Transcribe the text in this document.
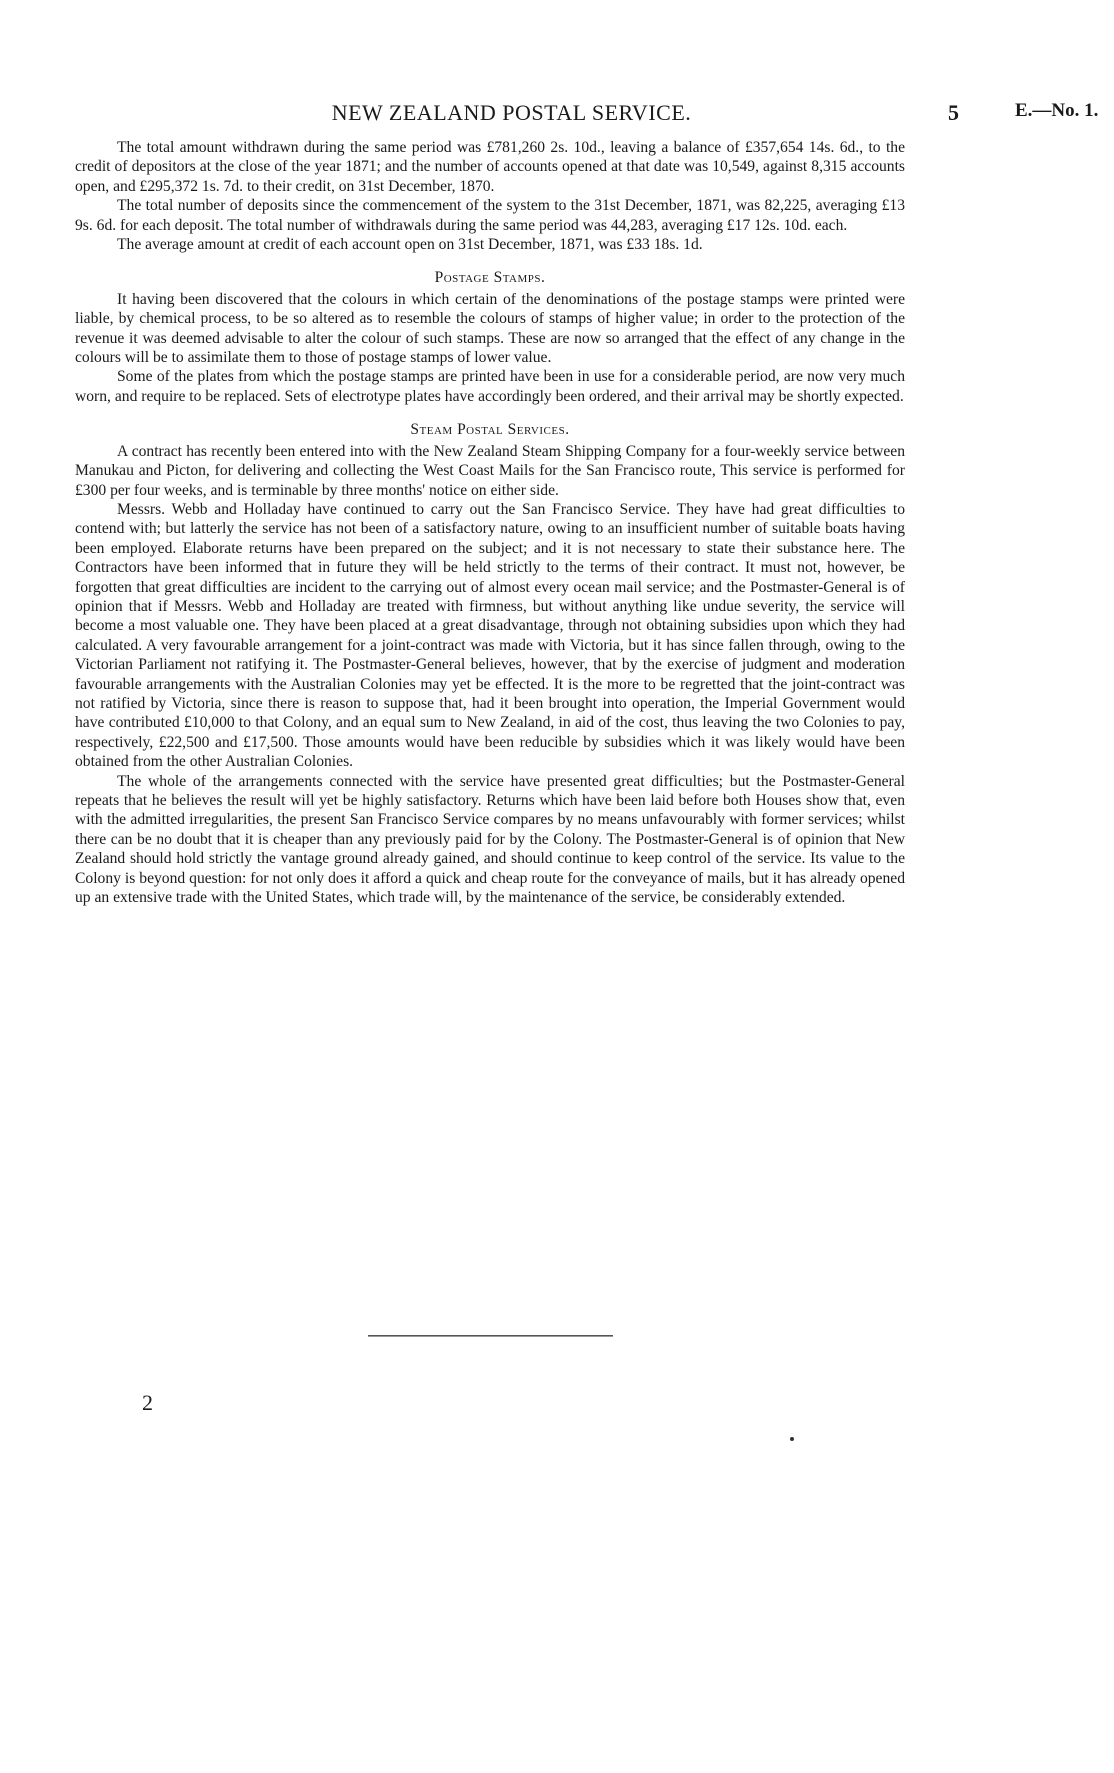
NEW ZEALAND POSTAL SERVICE.	5	E.—No. 1.

The total amount withdrawn during the same period was £781,260 2s. 10d., leaving a balance of £357,654 14s. 6d., to the credit of depositors at the close of the year 1871; and the number of accounts opened at that date was 10,549, against 8,315 accounts open, and £295,372 1s. 7d. to their credit, on 31st December, 1870.

The total number of deposits since the commencement of the system to the 31st December, 1871, was 82,225, averaging £13 9s. 6d. for each deposit. The total number of withdrawals during the same period was 44,283, averaging £17 12s. 10d. each.

The average amount at credit of each account open on 31st December, 1871, was £33 18s. 1d.

Postage Stamps.

It having been discovered that the colours in which certain of the denominations of the postage stamps were printed were liable, by chemical process, to be so altered as to resemble the colours of stamps of higher value; in order to the protection of the revenue it was deemed advisable to alter the colour of such stamps. These are now so arranged that the effect of any change in the colours will be to assimilate them to those of postage stamps of lower value.

Some of the plates from which the postage stamps are printed have been in use for a considerable period, are now very much worn, and require to be replaced. Sets of electrotype plates have accordingly been ordered, and their arrival may be shortly expected.

Steam Postal Services.

A contract has recently been entered into with the New Zealand Steam Shipping Company for a four-weekly service between Manukau and Picton, for delivering and collecting the West Coast Mails for the San Francisco route, This service is performed for £300 per four weeks, and is terminable by three months' notice on either side.

Messrs. Webb and Holladay have continued to carry out the San Francisco Service. They have had great difficulties to contend with; but latterly the service has not been of a satisfactory nature, owing to an insufficient number of suitable boats having been employed. Elaborate returns have been prepared on the subject; and it is not necessary to state their substance here. The Contractors have been informed that in future they will be held strictly to the terms of their contract. It must not, however, be forgotten that great difficulties are incident to the carrying out of almost every ocean mail service; and the Postmaster-General is of opinion that if Messrs. Webb and Holladay are treated with firmness, but without anything like undue severity, the service will become a most valuable one. They have been placed at a great disadvantage, through not obtaining subsidies upon which they had calculated. A very favourable arrangement for a joint-contract was made with Victoria, but it has since fallen through, owing to the Victorian Parliament not ratifying it. The Postmaster-General believes, however, that by the exercise of judgment and moderation favourable arrangements with the Australian Colonies may yet be effected. It is the more to be regretted that the joint-contract was not ratified by Victoria, since there is reason to suppose that, had it been brought into operation, the Imperial Government would have contributed £10,000 to that Colony, and an equal sum to New Zealand, in aid of the cost, thus leaving the two Colonies to pay, respectively, £22,500 and £17,500. Those amounts would have been reducible by subsidies which it was likely would have been obtained from the other Australian Colonies.

The whole of the arrangements connected with the service have presented great difficulties; but the Postmaster-General repeats that he believes the result will yet be highly satisfactory. Returns which have been laid before both Houses show that, even with the admitted irregularities, the present San Francisco Service compares by no means unfavourably with former services; whilst there can be no doubt that it is cheaper than any previously paid for by the Colony. The Postmaster-General is of opinion that New Zealand should hold strictly the vantage ground already gained, and should continue to keep control of the service. Its value to the Colony is beyond question: for not only does it afford a quick and cheap route for the conveyance of mails, but it has already opened up an extensive trade with the United States, which trade will, by the maintenance of the service, be considerably extended.

2
